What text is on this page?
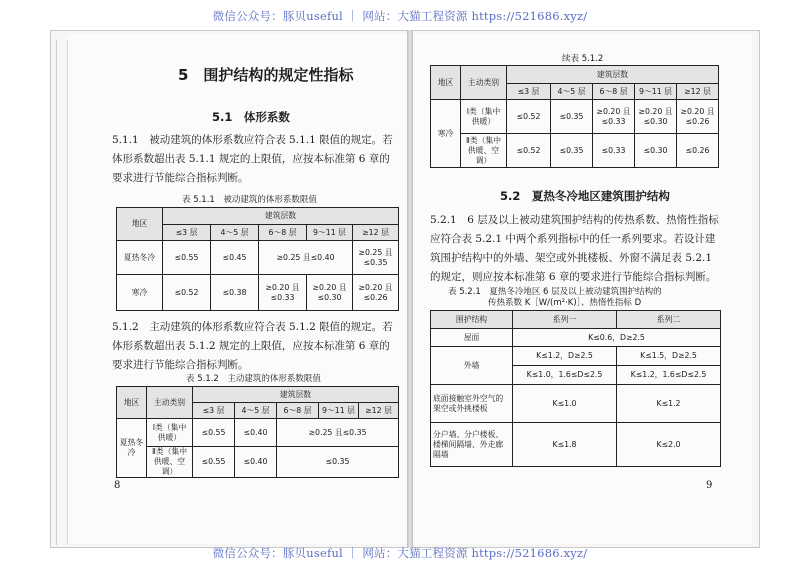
微信公众号：豚贝useful ｜ 网站：大猫工程资源 https://521686.xyz/
微信公众号：豚贝useful ｜ 网站：大猫工程资源 https://521686.xyz/
5　围护结构的规定性指标
5.1　体形系数
5.1.1　被动建筑的体形系数应符合表 5.1.1 限值的规定。若体形系数超出表 5.1.1 规定的上限值，应按本标准第 6 章的要求进行节能综合指标判断。
表 5.1.1　被动建筑的体形系数限值
地区	建筑层数				
	≤3 层	4～5 层	6～8 层	9～11 层	≥12 层
夏热冬冷	≤0.55	≤0.45	≥0.25 且≤0.40		≥0.25 且≤0.35
寒冷	≤0.52	≤0.38	≥0.20 且≤0.33	≥0.20 且≤0.30	≥0.20 且≤0.26
5.1.2　主动建筑的体形系数应符合表 5.1.2 限值的规定。若体形系数超出表 5.1.2 规定的上限值，应按本标准第 6 章的要求进行节能综合指标判断。
表 5.1.2　主动建筑的体形系数限值
地区	主动类别	建筑层数				
		≤3 层	4～5 层	6～8 层	9～11 层	≥12 层
夏热冬冷	Ⅰ类（集中供暖）	≤0.55	≤0.40	≥0.25 且≤0.35		
	Ⅱ类（集中供暖、空调）	≤0.55	≤0.40	≤0.35		
8
续表 5.1.2
地区	主动类别	建筑层数				
		≤3 层	4～5 层	6～8 层	9～11 层	≥12 层
寒冷	Ⅰ类（集中供暖）	≤0.52	≤0.35	≥0.20 且≤0.33	≥0.20 且≤0.30	≥0.20 且≤0.26
	Ⅱ类（集中供暖、空调）	≤0.52	≤0.35	≤0.33	≤0.30	≤0.26
5.2　夏热冬冷地区建筑围护结构
5.2.1　6 层及以上被动建筑围护结构的传热系数、热惰性指标应符合表 5.2.1 中两个系列指标中的任一系列要求。若设计建筑围护结构中的外墙、架空或外挑楼板、外窗不满足表 5.2.1 的规定，则应按本标准第 6 章的要求进行节能综合指标判断。
表 5.2.1　夏热冬冷地区 6 层及以上被动建筑围护结构的
传热系数 K［W/(m²·K)］、热惰性指标 D
围护结构	系列一	系列二
屋面	K≤0.6，D≥2.5	
外墙	K≤1.2，D≥2.5	K≤1.5，D≥2.5
	K≤1.0，1.6≤D≤2.5	K≤1.2，1.6≤D≤2.5
底面接触室外空气的架空或外挑楼板	K≤1.0	K≤1.2
分户墙、分户楼板、楼梯间隔墙、外走廊隔墙	K≤1.8	K≤2.0
9
